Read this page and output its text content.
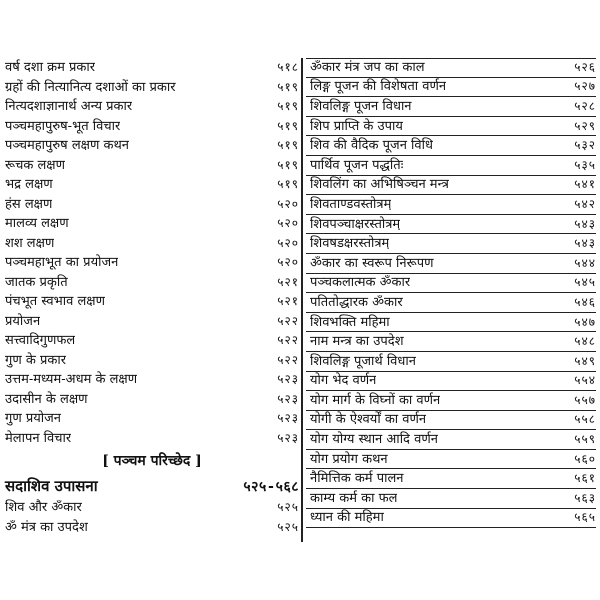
वर्ष दशा क्रम प्रकार	५१८
ग्रहों की नित्यानित्य दशाओं का प्रकार	५१९
नित्यदशाज्ञानार्थ अन्य प्रकार	५१९
पञ्चमहापुरुष-भूत विचार	५१९
पञ्चमहापुरुष लक्षण कथन	५१९
रूचक लक्षण	५१९
भद्र लक्षण	५१९
हंस लक्षण	५२०
मालव्य लक्षण	५२०
शश लक्षण	५२०
पञ्चमहाभूत का प्रयोजन	५२०
जातक प्रकृति	५२१
पंचभूत स्वभाव लक्षण	५२१
प्रयोजन	५२२
सत्त्वादिगुणफल	५२२
गुण के प्रकार	५२२
उत्तम-मध्यम-अधम के लक्षण	५२३
उदासीन के लक्षण	५२३
गुण प्रयोजन	५२३
मेलापन विचार	५२३
[ पञ्चम परिच्छेद ]
सदाशिव उपासना	५२५-५६८
शिव और ॐकार	५२५
ॐ मंत्र का उपदेश	५२५
ॐकार मंत्र जप का काल	५२६
लिङ्ग पूजन की विशेषता वर्णन	५२७
शिवलिङ्ग पूजन विधान	५२८
शिप प्राप्ति के उपाय	५२९
शिव की वैदिक पूजन विधि	५३२
पार्थिव पूजन पद्धतिः	५३५
शिवलिंग का अभिषिञ्चन मन्त्र	५४१
शिवताण्डवस्तोत्रम्	५४२
शिवपञ्चाक्षरस्तोत्रम्	५४३
शिवषडक्षरस्तोत्रम्	५४३
ॐकार का स्वरूप निरूपण	५४४
पञ्चकलात्मक ॐकार	५४५
पतितोद्धारक ॐकार	५४६
शिवभक्ति महिमा	५४७
नाम मन्त्र का उपदेश	५४८
शिवलिङ्ग पूजार्थ विधान	५४९
योग भेद वर्णन	५५४
योग मार्ग के विघ्नों का वर्णन	५५७
योगी के ऐश्वर्यों का वर्णन	५५८
योग योग्य स्थान आदि वर्णन	५५९
योग प्रयोग कथन	५६०
नैमित्तिक कर्म पालन	५६१
काम्य कर्म का फल	५६३
ध्यान की महिमा	५६५
